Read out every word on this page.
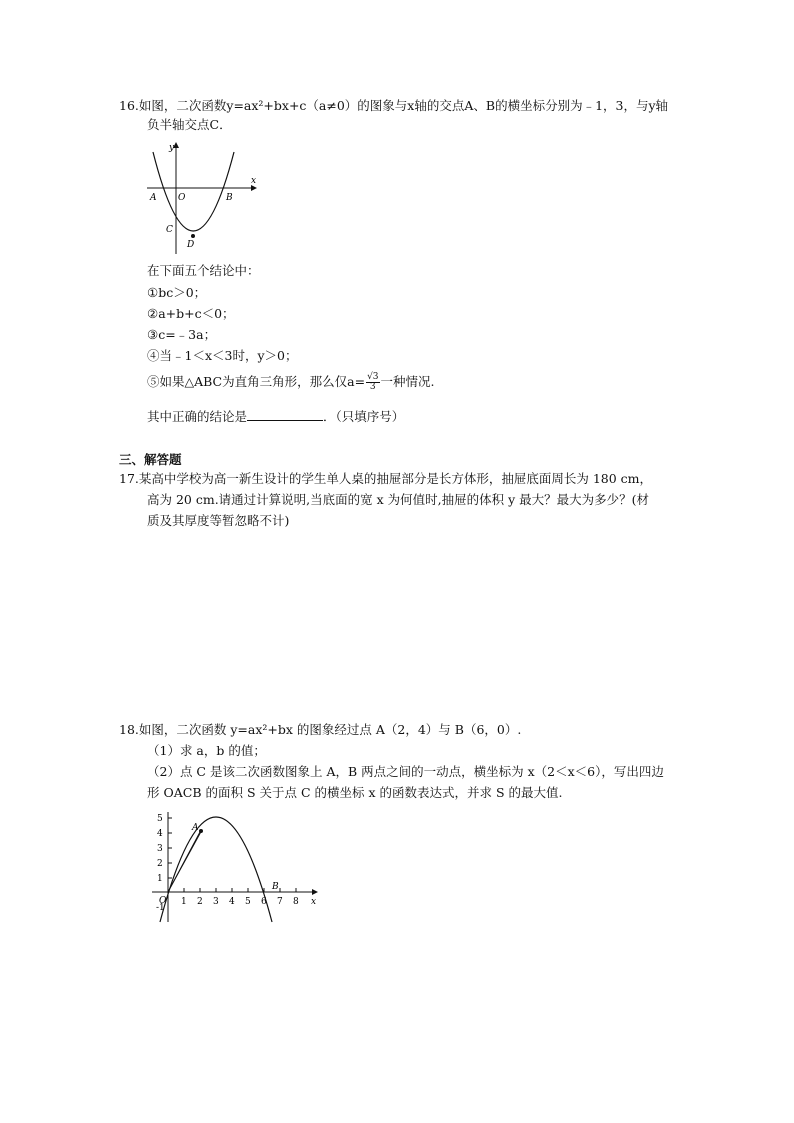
16.如图，二次函数y=ax²+bx+c（a≠0）的图象与x轴的交点A、B的横坐标分别为﹣1，3，与y轴
负半轴交点C．
y
x
A O	B
C
D
在下面五个结论中：
①bc＞0；
②a+b+c＜0；
③c=﹣3a；
④当﹣1＜x＜3时，y＞0；
⑤如果△ABC为直角三角形，那么仅$a= \frac{√3}{3}$ 一种情况.
其中正确的结论是	．（只填序号）
三、解答题
17.某高中学校为高一新生设计的学生单人桌的抽屉部分是长方体形，抽屉底面周长为 180 cm，
高为 20 cm.请通过计算说明,当底面的宽 x 为何值时,抽屉的体积 y 最大？最大为多少？(材
质及其厚度等暂忽略不计)
18.如图，二次函数 y=ax²+bx 的图象经过点 A（2，4）与 B（6，0）.
（1）求 a，b 的值；
（2）点 C 是该二次函数图象上 A，B 两点之间的一动点，横坐标为 x（2＜x＜6），写出四边
形 OACB 的面积 S 关于点 C 的横坐标 x 的函数表达式，并求 S 的最大值.
5
4
3
2
1
-1
1 2 3 4 5 6 7 8
O	x
A
B
